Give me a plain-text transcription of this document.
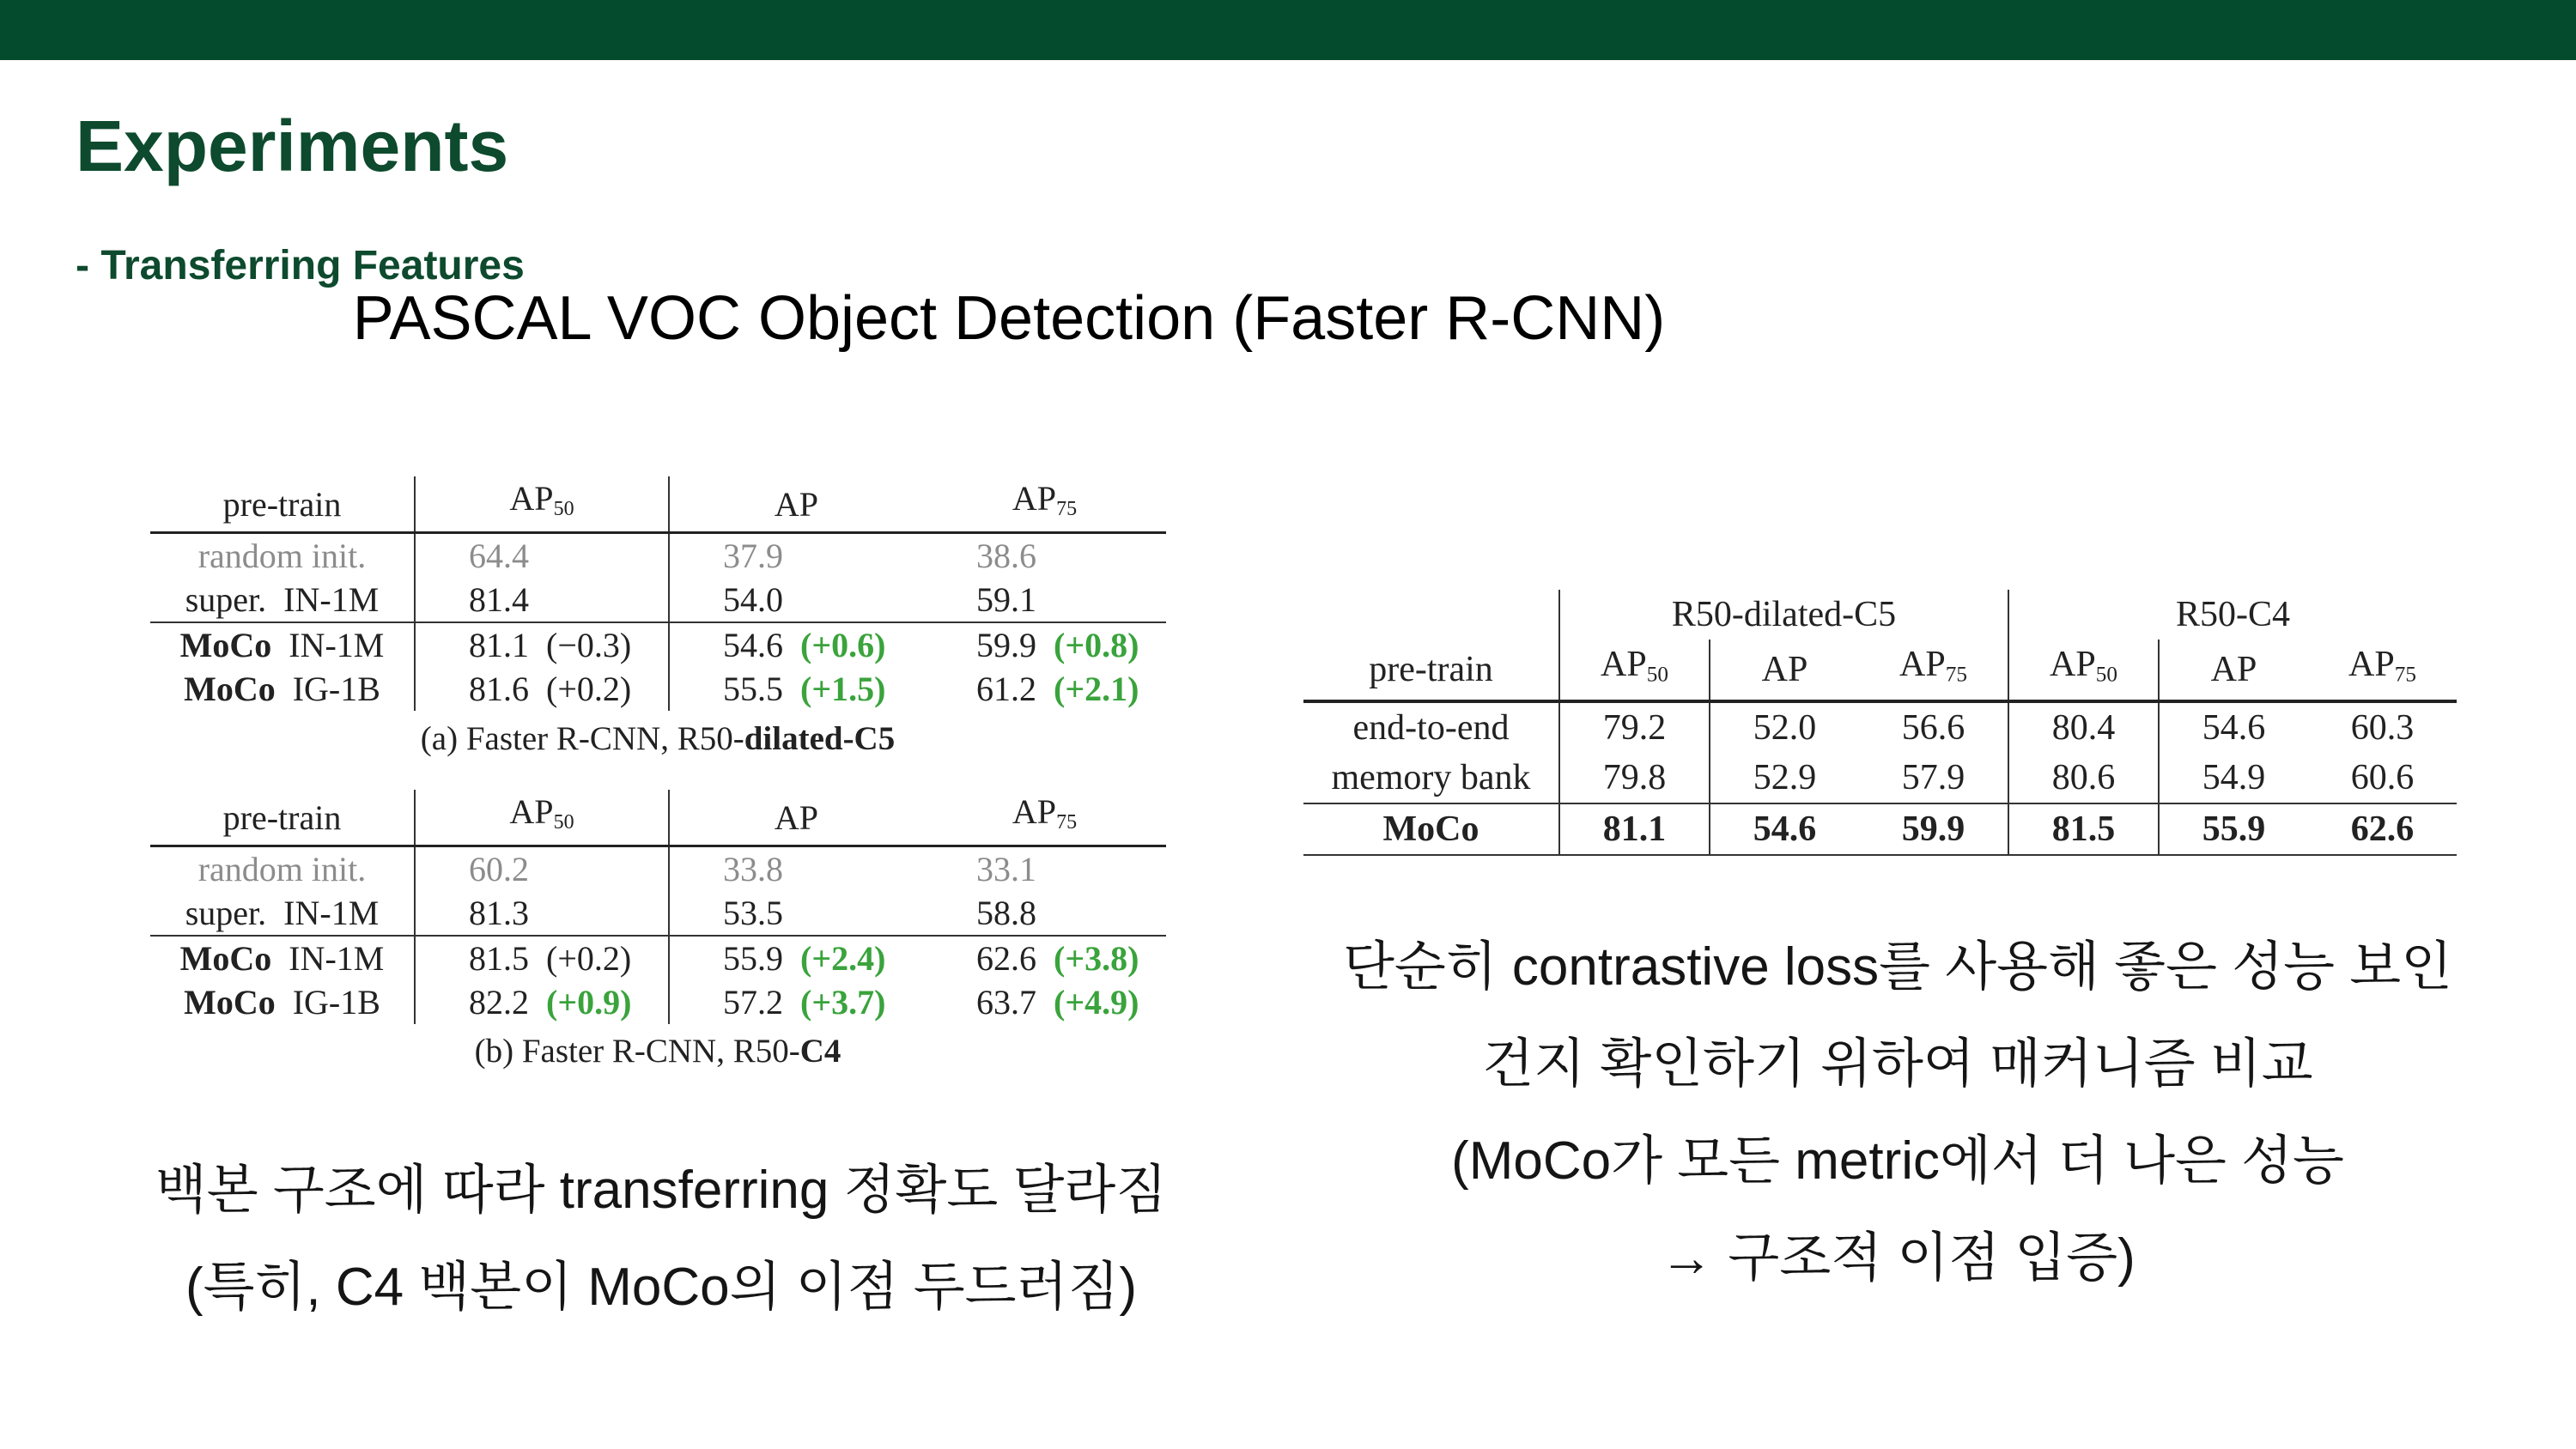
Experiments
- Transferring Features
PASCAL VOC Object Detection (Faster R-CNN)
pre-train	$AP_{50}$	AP	$AP_{75}$
random init.	64.4	37.9	38.6
super. IN-1M	81.4	54.0	59.1
MoCo IN-1M	81.1 (−0.3)	54.6 (+0.6)	59.9 (+0.8)
MoCo IG-1B	81.6 (+0.2)	55.5 (+1.5)	61.2 (+2.1)
(a) Faster R-CNN, R50-dilated-C5
pre-train	$AP_{50}$	AP	$AP_{75}$
random init.	60.2	33.8	33.1
super. IN-1M	81.3	53.5	58.8
MoCo IN-1M	81.5 (+0.2)	55.9 (+2.4)	62.6 (+3.8)
MoCo IG-1B	82.2 (+0.9)	57.2 (+3.7)	63.7 (+4.9)
(b) Faster R-CNN, R50-C4
	R50-dilated-C5			R50-C4		
pre-train	$AP_{50}$	AP	$AP_{75}$	$AP_{50}$	AP	$AP_{75}$
end-to-end	79.2	52.0	56.6	80.4	54.6	60.3
memory bank	79.8	52.9	57.9	80.6	54.9	60.6
MoCo	81.1	54.6	59.9	81.5	55.9	62.6
백본 구조에 따라 transferring 정확도 달라짐
(특히, C4 백본이 MoCo의 이점 두드러짐)
단순히 contrastive loss를 사용해 좋은 성능 보인
건지 확인하기 위하여 매커니즘 비교
(MoCo가 모든 metric에서 더 나은 성능
→ 구조적 이점 입증)
